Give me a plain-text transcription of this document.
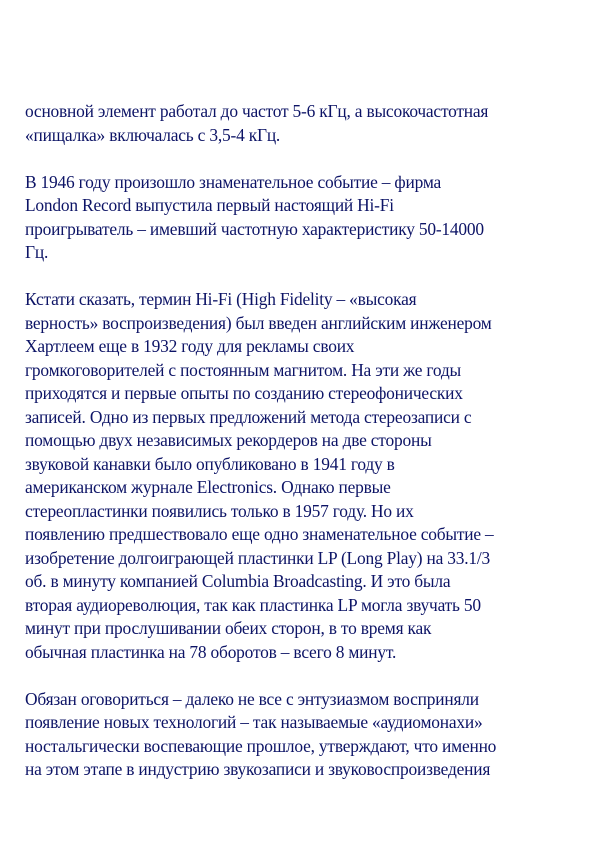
основной элемент работал до частот 5-6 кГц, а высокочастотная
«пищалка» включалась с 3,5-4 кГц.
В 1946 году произошло знаменательное событие – фирма
London Record выпустила первый настоящий Hi-Fi
проигрыватель – имевший частотную характеристику 50-14000
Гц.
Кстати сказать, термин Hi-Fi (High Fidelity – «высокая
верность» воспроизведения) был введен английским инженером
Хартлеем еще в 1932 году для рекламы своих
громкоговорителей с постоянным магнитом. На эти же годы
приходятся и первые опыты по созданию стереофонических
записей. Одно из первых предложений метода стереозаписи с
помощью двух независимых рекордеров на две стороны
звуковой канавки было опубликовано в 1941 году в
американском журнале Electronics. Однако первые
стереопластинки появились только в 1957 году. Но их
появлению предшествовало еще одно знаменательное событие –
изобретение долгоиграющей пластинки LP (Long Play) на 33.1/3
об. в минуту компанией Columbia Broadcasting. И это была
вторая аудиореволюция, так как пластинка LP могла звучать 50
минут при прослушивании обеих сторон, в то время как
обычная пластинка на 78 оборотов – всего 8 минут.
Обязан оговориться – далеко не все с энтузиазмом восприняли
появление новых технологий – так называемые «аудиомонахи»
ностальгически воспевающие прошлое, утверждают, что именно
на этом этапе в индустрию звукозаписи и звуковоспроизведения
